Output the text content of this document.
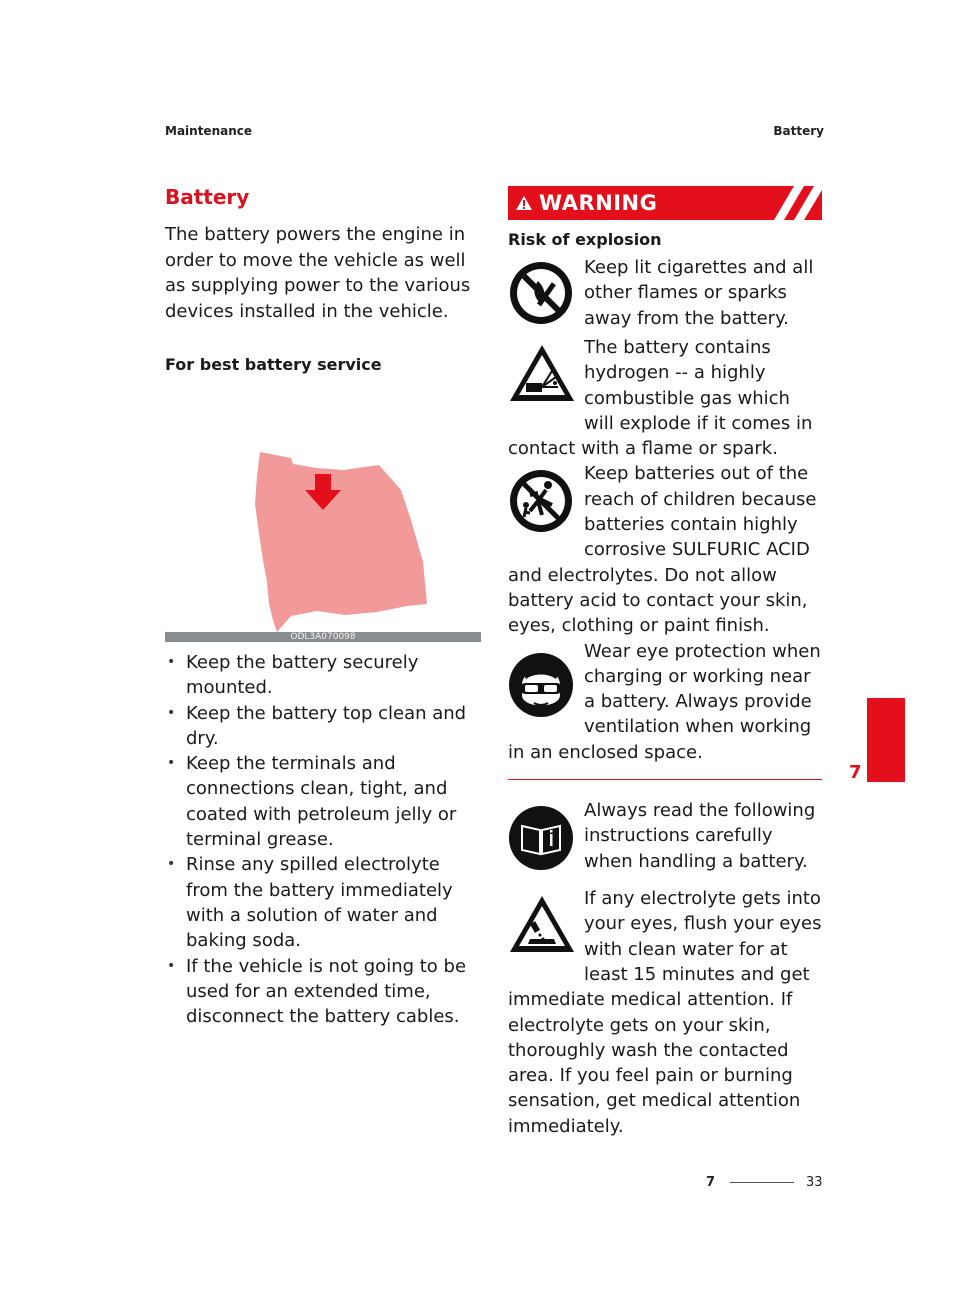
Maintenance	Battery
Battery

The battery powers the engine in order to move the vehicle as well as supplying power to the various devices installed in the vehicle.

For best battery service

ODL3A070098
• Keep the battery securely mounted.
• Keep the battery top clean and dry.
• Keep the terminals and connections clean, tight, and coated with petroleum jelly or terminal grease.
• Rinse any spilled electrolyte from the battery immediately with a solution of water and baking soda.
• If the vehicle is not going to be used for an extended time, disconnect the battery cables.
WARNING
Risk of explosion

Keep lit cigarettes and all other flames or sparks away from the battery.

The battery contains hydrogen -- a highly combustible gas which will explode if it comes in contact with a flame or spark.

Keep batteries out of the reach of children because batteries contain highly corrosive SULFURIC ACID and electrolytes. Do not allow battery acid to contact your skin, eyes, clothing or paint finish.

Wear eye protection when charging or working near a battery. Always provide ventilation when working in an enclosed space.

Always read the following instructions carefully when handling a battery.

If any electrolyte gets into your eyes, flush your eyes with clean water for at least 15 minutes and get immediate medical attention. If electrolyte gets on your skin, thoroughly wash the contacted area. If you feel pain or burning sensation, get medical attention immediately.

7
7	33
